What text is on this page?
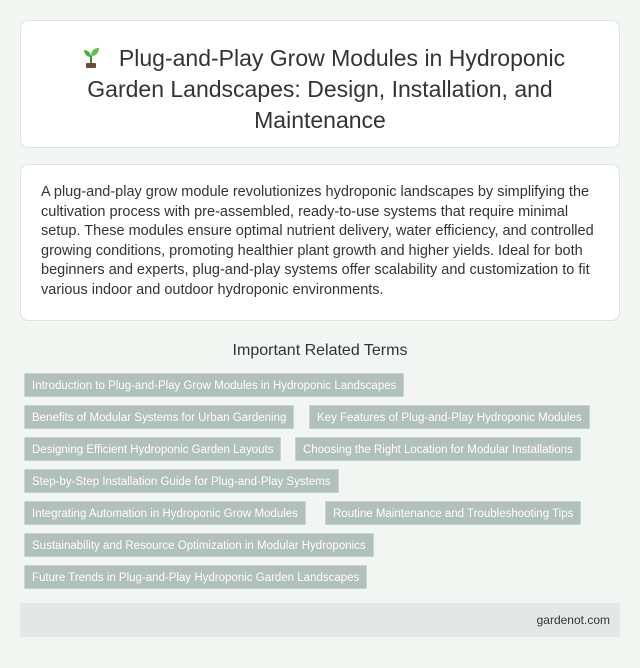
Plug-and-Play Grow Modules in Hydroponic Garden Landscapes: Design, Installation, and Maintenance

A plug-and-play grow module revolutionizes hydroponic landscapes by simplifying the cultivation process with pre-assembled, ready-to-use systems that require minimal setup. These modules ensure optimal nutrient delivery, water efficiency, and controlled growing conditions, promoting healthier plant growth and higher yields. Ideal for both beginners and experts, plug-and-play systems offer scalability and customization to fit various indoor and outdoor hydroponic environments.

Important Related Terms
Introduction to Plug-and-Play Grow Modules in Hydroponic Landscapes
Benefits of Modular Systems for Urban Gardening	Key Features of Plug-and-Play Hydroponic Modules
Designing Efficient Hydroponic Garden Layouts	Choosing the Right Location for Modular Installations
Step-by-Step Installation Guide for Plug-and-Play Systems
Integrating Automation in Hydroponic Grow Modules	Routine Maintenance and Troubleshooting Tips
Sustainability and Resource Optimization in Modular Hydroponics
Future Trends in Plug-and-Play Hydroponic Garden Landscapes
gardenot.com
